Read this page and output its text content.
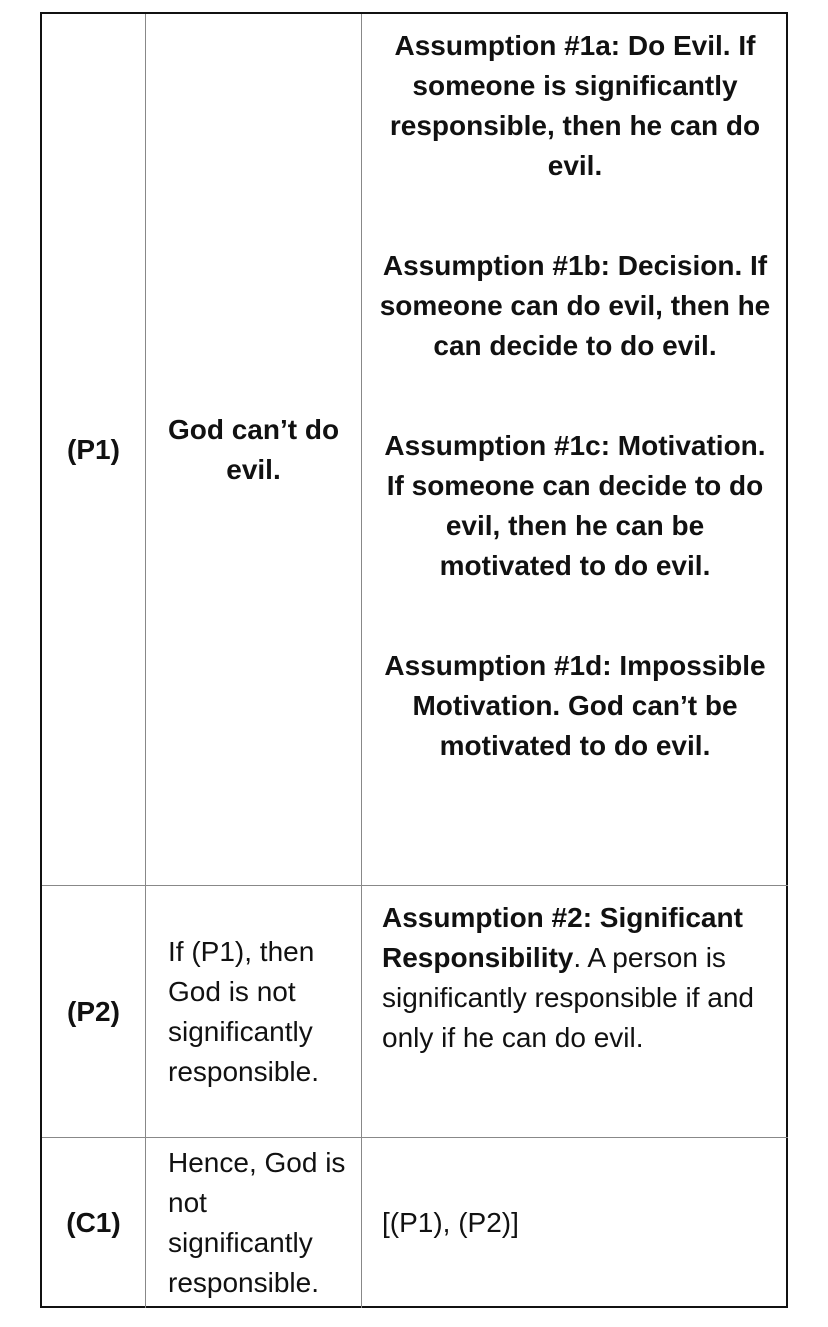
(P1)
God can’t do evil.

Assumption #1a: Do Evil. If someone is significantly responsible, then he can do evil.

Assumption #1b: Decision. If someone can do evil, then he can decide to do evil.

Assumption #1c: Motivation. If someone can decide to do evil, then he can be motivated to do evil.

Assumption #1d: Impossible Motivation. God can’t be motivated to do evil.

(P2)
If (P1), then God is not significantly responsible.
Assumption #2: Significant Responsibility. A person is significantly responsible if and only if he can do evil.
(C1)
Hence, God is not significantly responsible.
[(P1), (P2)]
